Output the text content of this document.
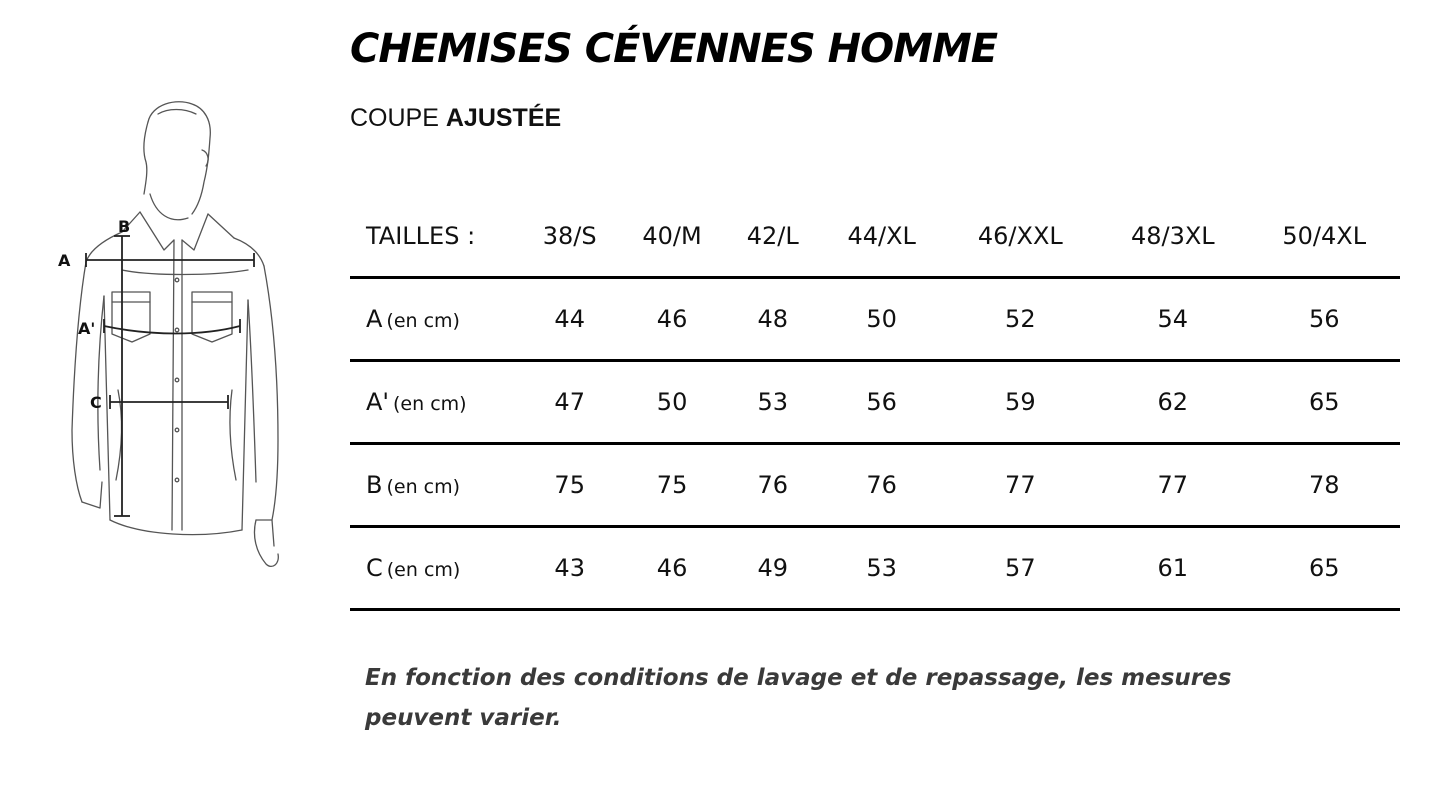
A
B
A'
C
CHEMISES CÉVENNES HOMME
COUPE AJUSTÉE
TAILLES :	38/S	40/M	42/L	44/XL	46/XXL	48/3XL	50/4XL
A (en cm)	44	46	48	50	52	54	56
A' (en cm)	47	50	53	56	59	62	65
B (en cm)	75	75	76	76	77	77	78
C (en cm)	43	46	49	53	57	61	65

En fonction des conditions de lavage et de repassage, les mesures peuvent varier.
